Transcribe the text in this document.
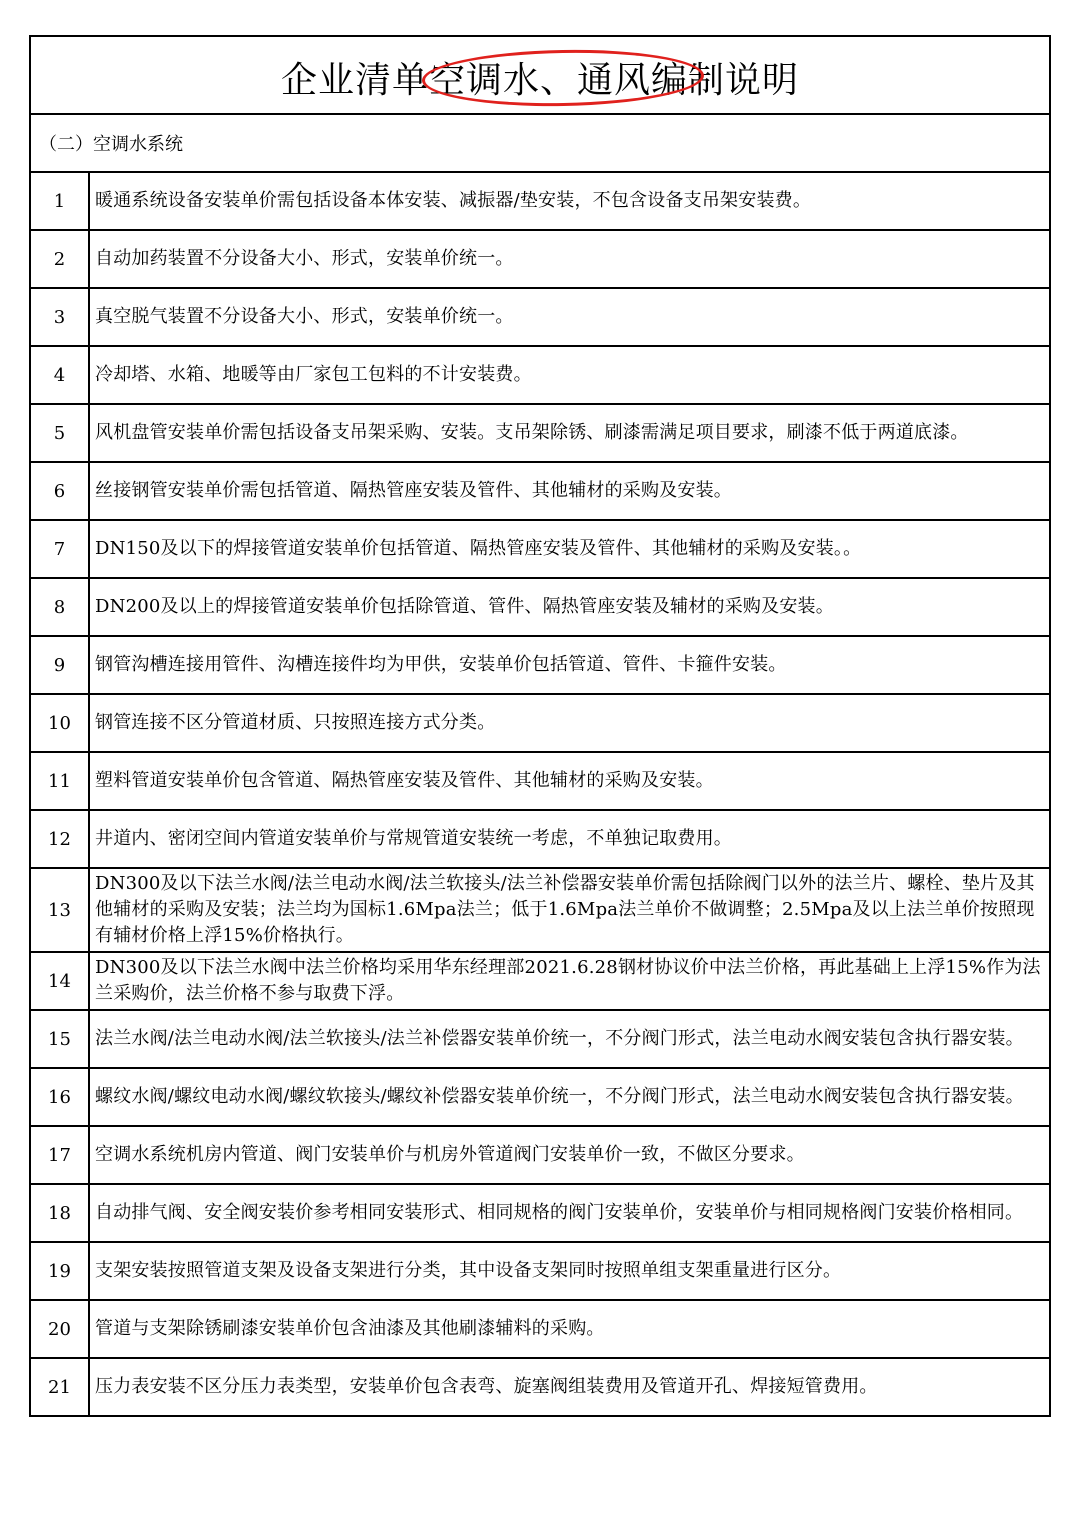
企业清单空调水、通风编制说明	

（二）空调水系统	
1	暖通系统设备安装单价需包括设备本体安装、减振器/垫安装，不包含设备支吊架安装费。
2	自动加药装置不分设备大小、形式，安装单价统一。
3	真空脱气装置不分设备大小、形式，安装单价统一。
4	冷却塔、水箱、地暖等由厂家包工包料的不计安装费。
5	风机盘管安装单价需包括设备支吊架采购、安装。支吊架除锈、刷漆需满足项目要求，刷漆不低于两道底漆。
6	丝接钢管安装单价需包括管道、隔热管座安装及管件、其他辅材的采购及安装。
7	DN150及以下的焊接管道安装单价包括管道、隔热管座安装及管件、其他辅材的采购及安装。。
8	DN200及以上的焊接管道安装单价包括除管道、管件、隔热管座安装及辅材的采购及安装。
9	钢管沟槽连接用管件、沟槽连接件均为甲供，安装单价包括管道、管件、卡箍件安装。
10	钢管连接不区分管道材质、只按照连接方式分类。
11	塑料管道安装单价包含管道、隔热管座安装及管件、其他辅材的采购及安装。
12	井道内、密闭空间内管道安装单价与常规管道安装统一考虑，不单独记取费用。
13	DN300及以下法兰水阀/法兰电动水阀/法兰软接头/法兰补偿器安装单价需包括除阀门以外的法兰片、螺栓、垫片及其他辅材的采购及安装；法兰均为国标1.6Mpa法兰；低于1.6Mpa法兰单价不做调整；2.5Mpa及以上法兰单价按照现有辅材价格上浮15%价格执行。
14	DN300及以下法兰水阀中法兰价格均采用华东经理部2021.6.28钢材协议价中法兰价格，再此基础上上浮15%作为法兰采购价，法兰价格不参与取费下浮。
15	法兰水阀/法兰电动水阀/法兰软接头/法兰补偿器安装单价统一，不分阀门形式，法兰电动水阀安装包含执行器安装。
16	螺纹水阀/螺纹电动水阀/螺纹软接头/螺纹补偿器安装单价统一，不分阀门形式，法兰电动水阀安装包含执行器安装。
17	空调水系统机房内管道、阀门安装单价与机房外管道阀门安装单价一致，不做区分要求。
18	自动排气阀、安全阀安装价参考相同安装形式、相同规格的阀门安装单价，安装单价与相同规格阀门安装价格相同。
19	支架安装按照管道支架及设备支架进行分类，其中设备支架同时按照单组支架重量进行区分。
20	管道与支架除锈刷漆安装单价包含油漆及其他刷漆辅料的采购。
21	压力表安装不区分压力表类型，安装单价包含表弯、旋塞阀组装费用及管道开孔、焊接短管费用。
